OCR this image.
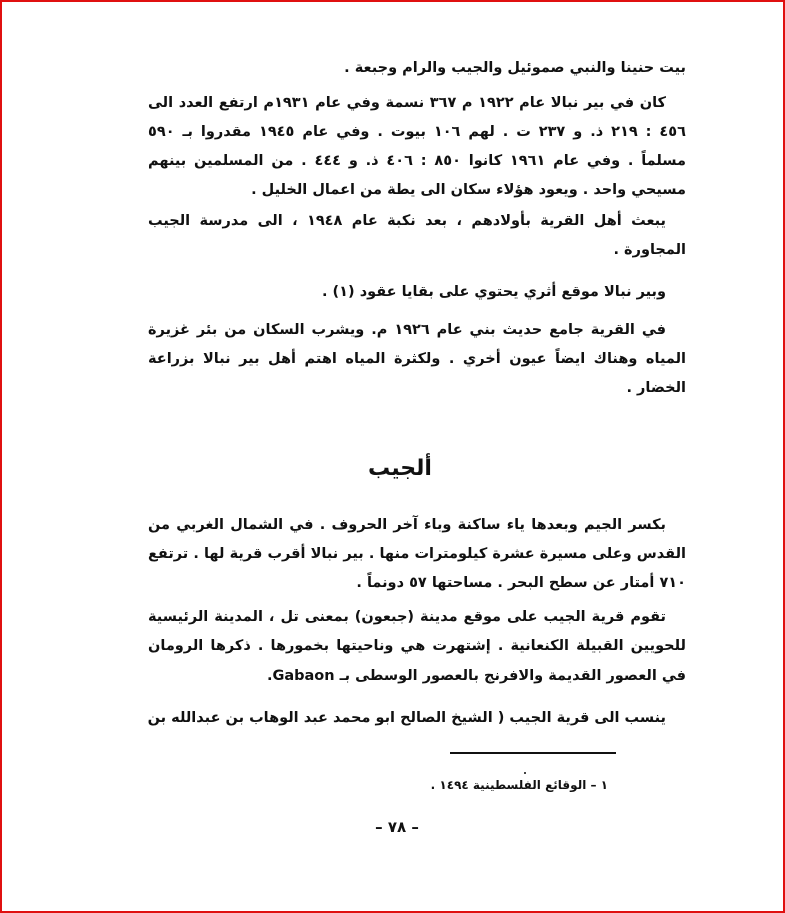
بيت حنينا والنبي صموئيل والجيب والرام وجبعة .
كان في بير نبالا عام ١٩٢٢ م ٣٦٧ نسمة وفي عام ١٩٣١م ارتفع العدد الى
٤٥٦ : ٢١٩ ذ. و ٢٣٧ ت . لهم ١٠٦ بيوت . وفي عام ١٩٤٥ مقدروا بـ ٥٩٠
مسلماً . وفي عام ١٩٦١ كانوا ٨٥٠ : ٤٠٦ ذ. و ٤٤٤ . من المسلمين بينهم
مسيحي واحد . ويعود هؤلاء سكان الى يطة من اعمال الخليل .
يبعث أهل القرية بأولادهم ، بعد نكبة عام ١٩٤٨ ، الى مدرسة الجيب
المجاورة .
وبير نبالا موقع أثري يحتوي على بقايا عقود (١) .
في القرية جامع حديث بني عام ١٩٢٦ م. ويشرب السكان من بئر غزيرة
المياه وهناك ايضاً عيون أخري . ولكثرة المياه اهتم أهل بير نبالا بزراعة
الخضار .
ألجيب
بكسر الجيم وبعدها ياء ساكنة وباء آخر الحروف . في الشمال الغربي من
القدس وعلى مسيرة عشرة كيلومترات منها . بير نبالا أقرب قرية لها . ترتفع
٧١٠ أمتار عن سطح البحر . مساحتها ٥٧ دونماً .
تقوم قرية الجيب على موقع مدينة (جبعون) بمعنى تل ، المدينة الرئيسية
للحويين القبيلة الكنعانية . إشتهرت هي وناحيتها بخمورها . ذكرها الرومان
في العصور القديمة والافرنج بالعصور الوسطى بـ Gabaon.
ينسب الى قرية الجيب ( الشيخ الصالح ابو محمد عبد الوهاب بن عبدالله بن
١ – الوقائع الفلسطينية ١٤٩٤ .
– ٧٨ –
